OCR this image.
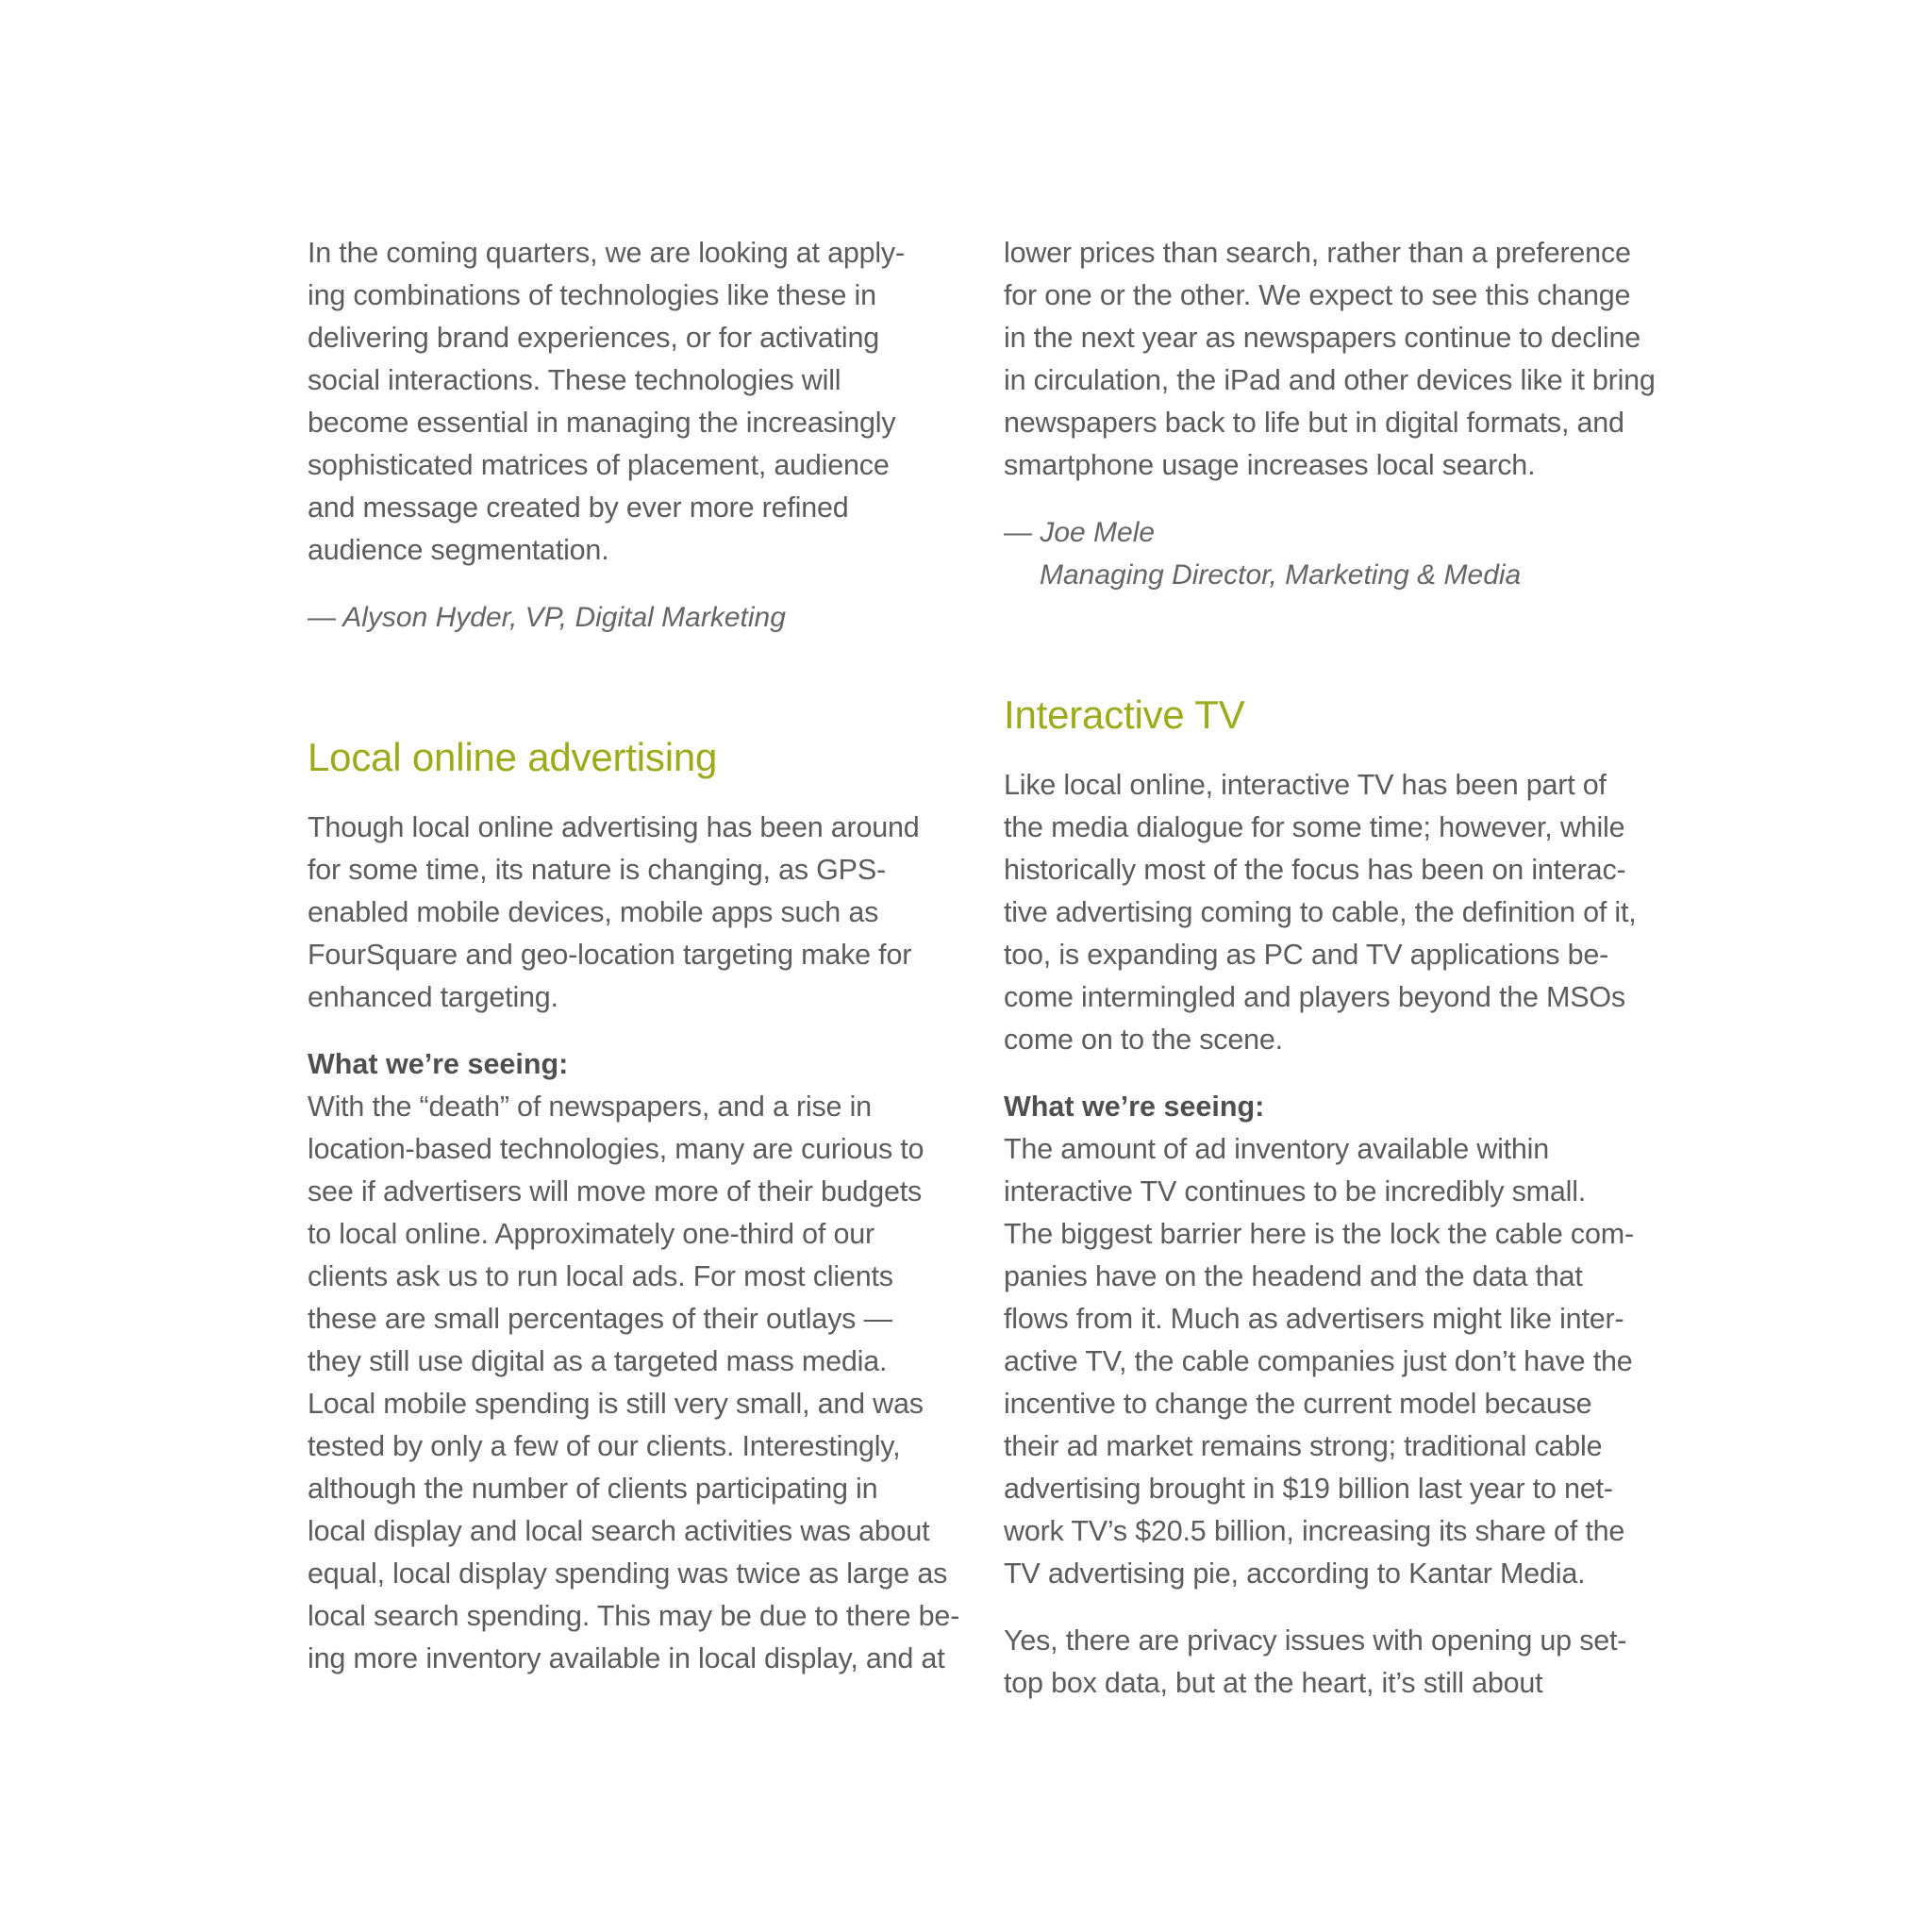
In the coming quarters, we are looking at apply-
ing combinations of technologies like these in
delivering brand experiences, or for activating
social interactions. These technologies will
become essential in managing the increasingly
sophisticated matrices of placement, audience
and message created by ever more refined
audience segmentation.

— Alyson Hyder, VP, Digital Marketing

Local online advertising

Though local online advertising has been around
for some time, its nature is changing, as GPS-
enabled mobile devices, mobile apps such as
FourSquare and geo-location targeting make for
enhanced targeting.

What we’re seeing:

With the “death” of newspapers, and a rise in
location-based technologies, many are curious to
see if advertisers will move more of their budgets
to local online. Approximately one-third of our
clients ask us to run local ads. For most clients
these are small percentages of their outlays —
they still use digital as a targeted mass media.
Local mobile spending is still very small, and was
tested by only a few of our clients. Interestingly,
although the number of clients participating in
local display and local search activities was about
equal, local display spending was twice as large as
local search spending. This may be due to there be-
ing more inventory available in local display, and at

lower prices than search, rather than a preference
for one or the other. We expect to see this change
in the next year as newspapers continue to decline
in circulation, the iPad and other devices like it bring
newspapers back to life but in digital formats, and
smartphone usage increases local search.

— Joe Mele
Managing Director, Marketing & Media

Interactive TV

Like local online, interactive TV has been part of
the media dialogue for some time; however, while
historically most of the focus has been on interac-
tive advertising coming to cable, the definition of it,
too, is expanding as PC and TV applications be-
come intermingled and players beyond the MSOs
come on to the scene.

What we’re seeing:

The amount of ad inventory available within
interactive TV continues to be incredibly small.
The biggest barrier here is the lock the cable com-
panies have on the headend and the data that
flows from it. Much as advertisers might like inter-
active TV, the cable companies just don’t have the
incentive to change the current model because
their ad market remains strong; traditional cable
advertising brought in $19 billion last year to net-
work TV’s $20.5 billion, increasing its share of the
TV advertising pie, according to Kantar Media.

Yes, there are privacy issues with opening up set-
top box data, but at the heart, it’s still about
